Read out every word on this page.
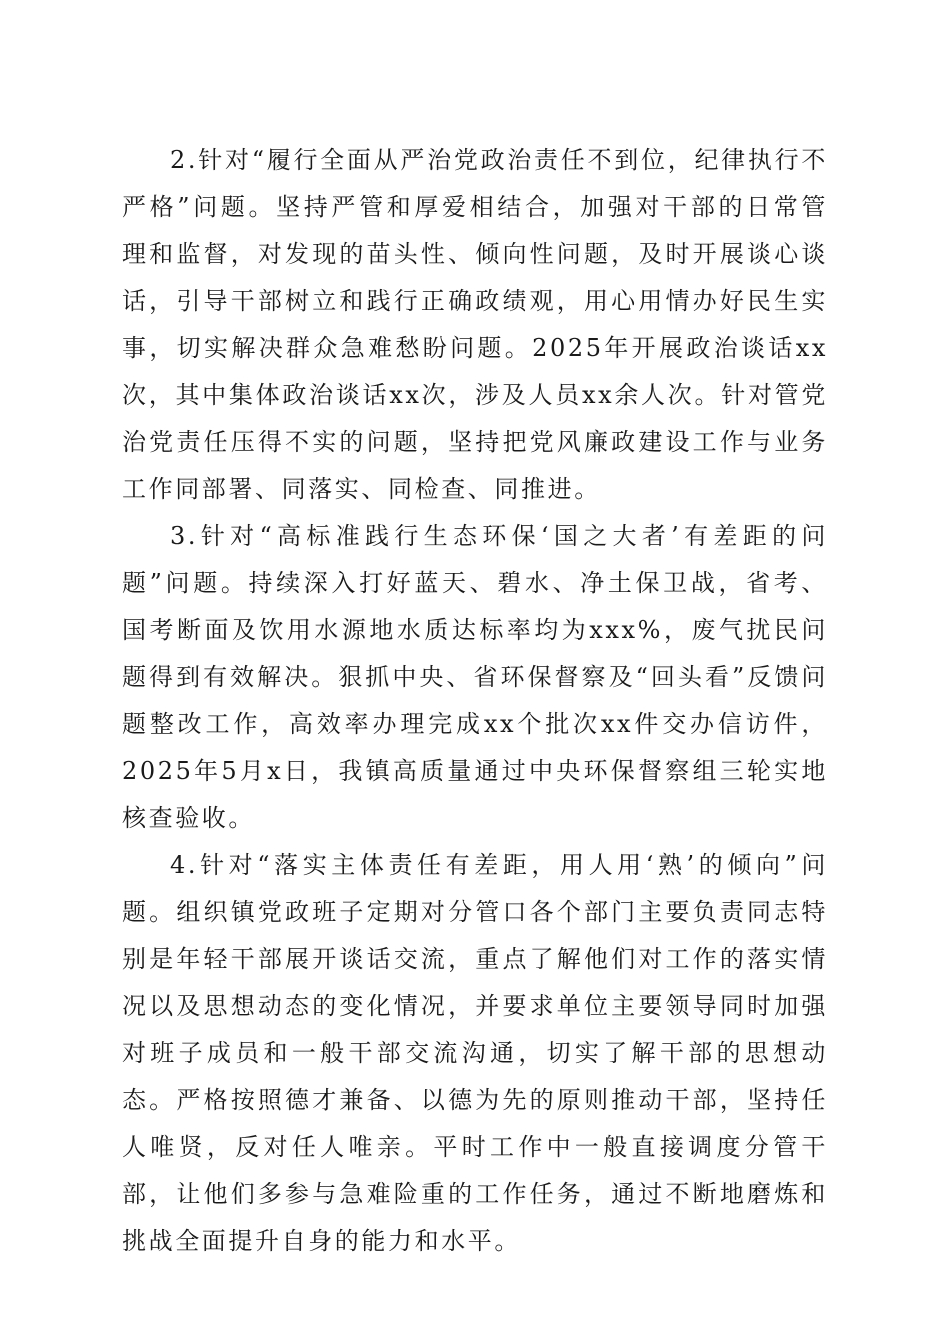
2.针对“履行全面从严治党政治责任不到位，纪律执行不严格”问题。坚持严管和厚爱相结合，加强对干部的日常管理和监督，对发现的苗头性、倾向性问题，及时开展谈心谈话，引导干部树立和践行正确政绩观，用心用情办好民生实事，切实解决群众急难愁盼问题。2025年开展政治谈话xx次，其中集体政治谈话xx次，涉及人员xx余人次。针对管党治党责任压得不实的问题，坚持把党风廉政建设工作与业务工作同部署、同落实、同检查、同推进。

3.针对“高标准践行生态环保‘国之大者’有差距的问题”问题。持续深入打好蓝天、碧水、净土保卫战，省考、国考断面及饮用水源地水质达标率均为xxx%，废气扰民问题得到有效解决。狠抓中央、省环保督察及“回头看”反馈问题整改工作，高效率办理完成xx个批次xx件交办信访件，2025年5月x日，我镇高质量通过中央环保督察组三轮实地核查验收。

4.针对“落实主体责任有差距，用人用‘熟’的倾向”问题。组织镇党政班子定期对分管口各个部门主要负责同志特别是年轻干部展开谈话交流，重点了解他们对工作的落实情况以及思想动态的变化情况，并要求单位主要领导同时加强对班子成员和一般干部交流沟通，切实了解干部的思想动态。严格按照德才兼备、以德为先的原则推动干部，坚持任人唯贤，反对任人唯亲。平时工作中一般直接调度分管干部，让他们多参与急难险重的工作任务，通过不断地磨炼和挑战全面提升自身的能力和水平。
